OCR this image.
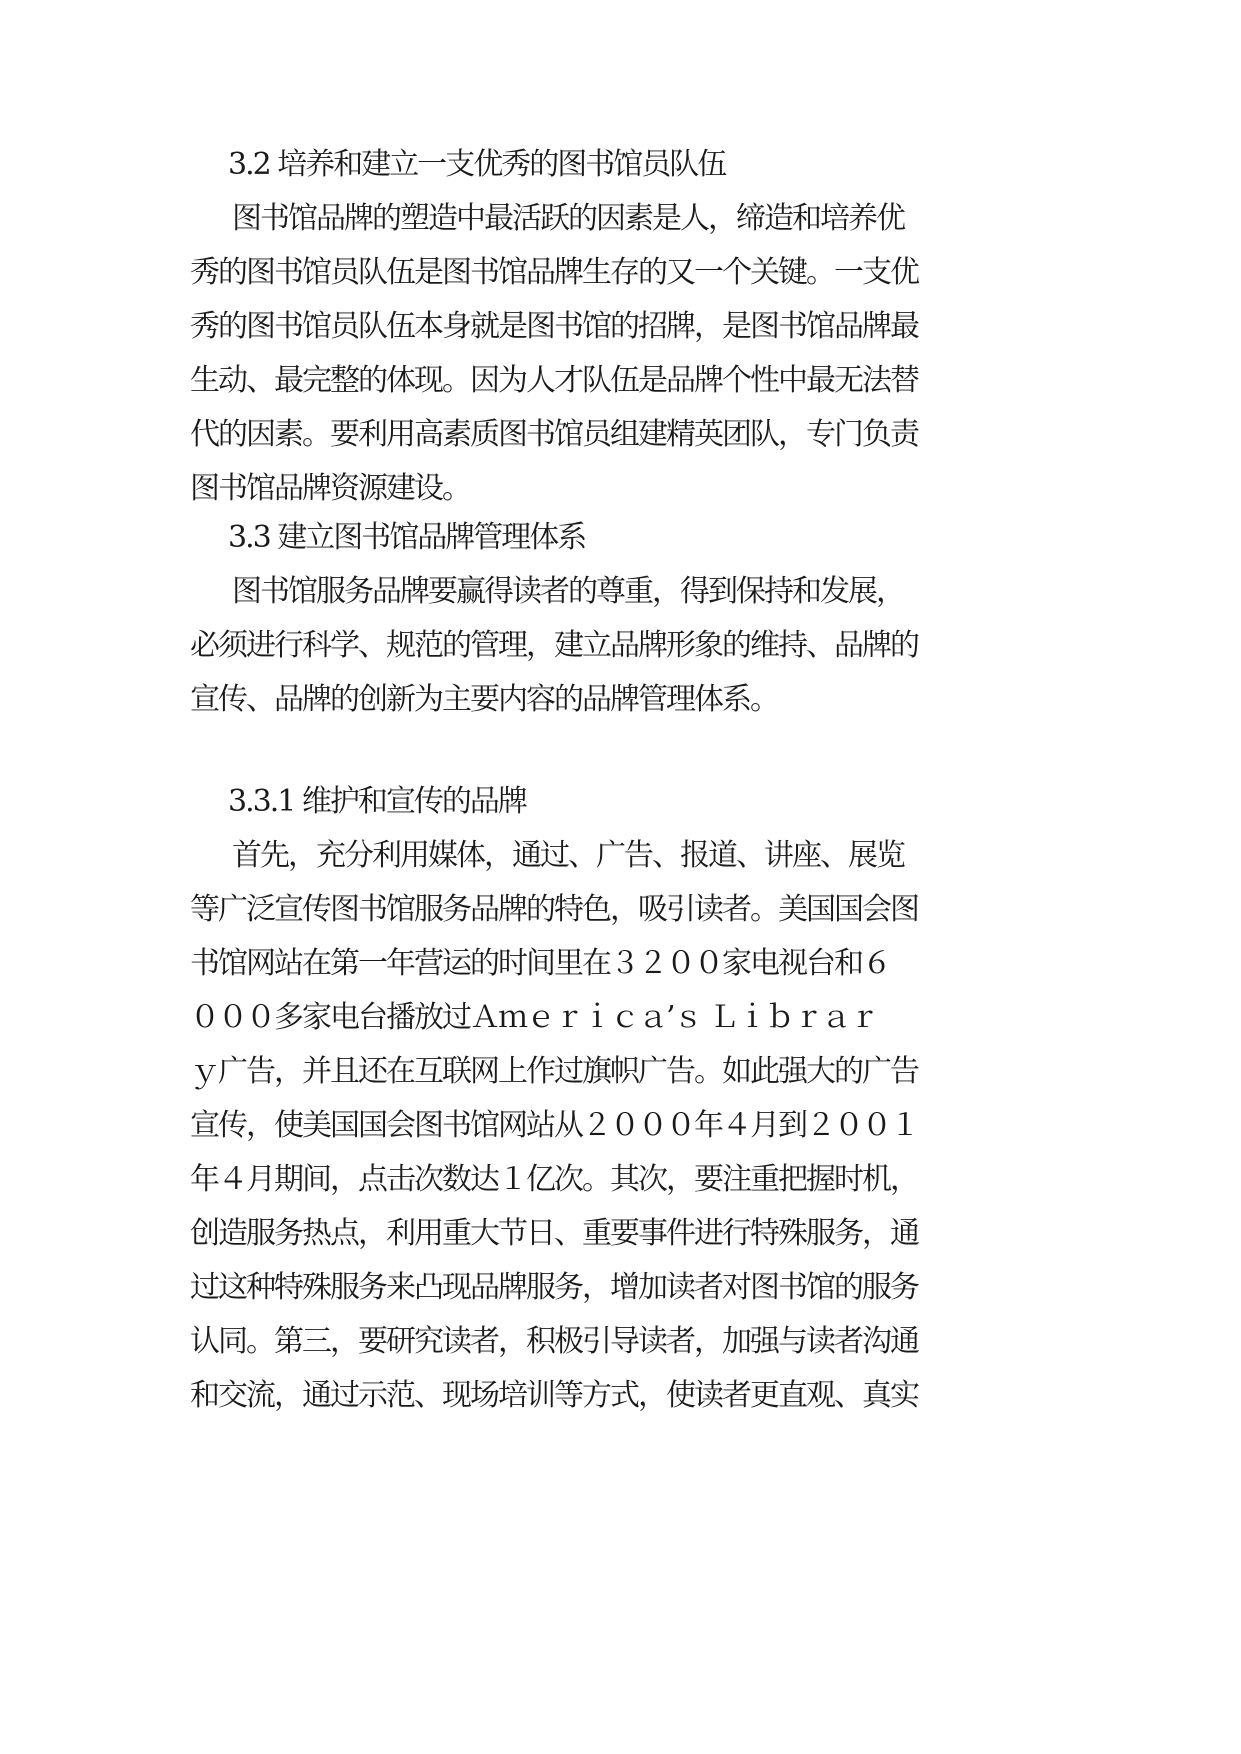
3.2 培养和建立一支优秀的图书馆员队伍
图书馆品牌的塑造中最活跃的因素是人，缔造和培养优
秀的图书馆员队伍是图书馆品牌生存的又一个关键。一支优
秀的图书馆员队伍本身就是图书馆的招牌，是图书馆品牌最
生动、最完整的体现。因为人才队伍是品牌个性中最无法替
代的因素。要利用高素质图书馆员组建精英团队，专门负责
图书馆品牌资源建设。
3.3 建立图书馆品牌管理体系
图书馆服务品牌要赢得读者的尊重，得到保持和发展，
必须进行科学、规范的管理，建立品牌形象的维持、品牌的
宣传、品牌的创新为主要内容的品牌管理体系。
3.3.1 维护和宣传的品牌
首先，充分利用媒体，通过、广告、报道、讲座、展览
等广泛宣传图书馆服务品牌的特色，吸引读者。美国国会图
书馆网站在第一年营运的时间里在３２００家电视台和６
０００多家电台播放过Ａｍｅｒｉｃａ’ｓ Ｌｉｂｒａｒ
ｙ广告，并且还在互联网上作过旗帜广告。如此强大的广告
宣传，使美国国会图书馆网站从２０００年４月到２００１
年４月期间，点击次数达１亿次。其次，要注重把握时机，
创造服务热点，利用重大节日、重要事件进行特殊服务，通
过这种特殊服务来凸现品牌服务，增加读者对图书馆的服务
认同。第三，要研究读者，积极引导读者，加强与读者沟通
和交流，通过示范、现场培训等方式，使读者更直观、真实
